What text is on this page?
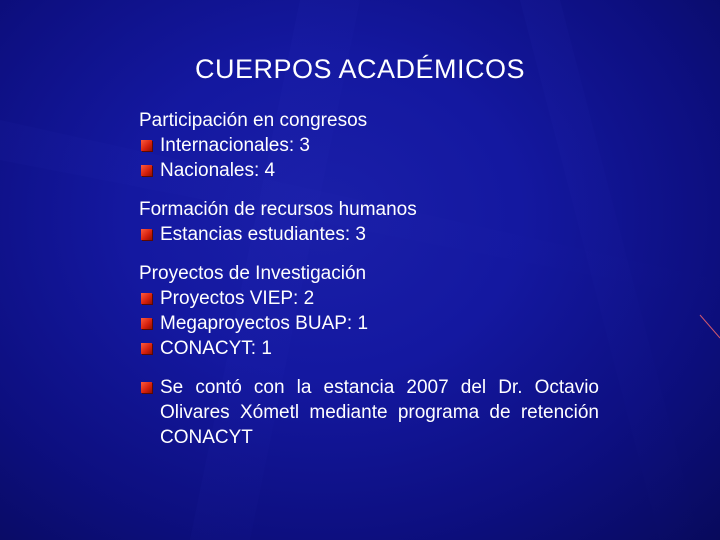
CUERPOS ACADÉMICOS

Participación en congresos

Internacionales: 3
Nacionales: 4

Formación de recursos humanos

Estancias estudiantes: 3

Proyectos de Investigación

Proyectos VIEP: 2
Megaproyectos BUAP: 1
CONACYT: 1
Se contó con la estancia 2007 del Dr. Octavio Olivares Xómetl mediante programa de retención CONACYT
